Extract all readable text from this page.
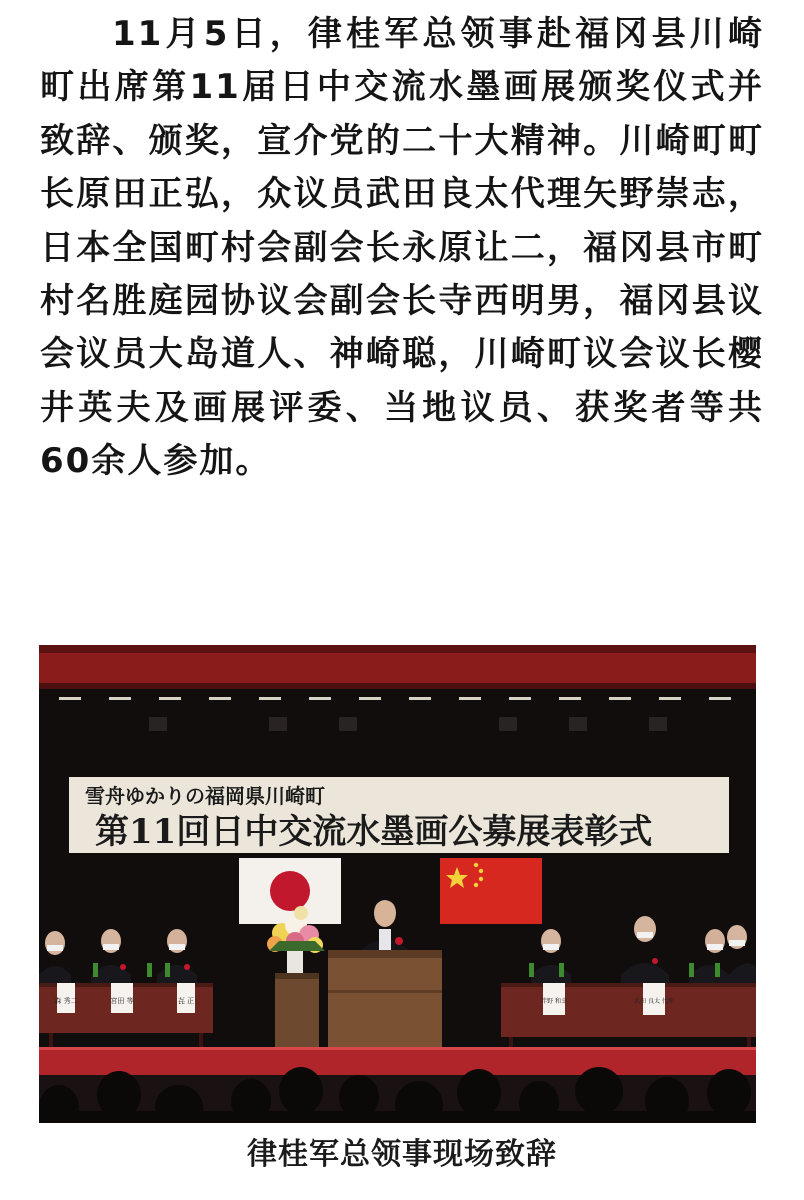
11月5日，律桂军总领事赴福冈县川崎町出席第11届日中交流水墨画展颁奖仪式并致辞、颁奖，宣介党的二十大精神。川崎町町长原田正弘，众议员武田良太代理矢野崇志，日本全国町村会副会长永原让二，福冈县市町村名胜庭园协议会副会长寺西明男，福冈县议会议员大岛道人、神崎聪，川崎町议会议长樱井英夫及画展评委、当地议员、获奖者等共60余人参加。

雪舟ゆかりの福岡県川崎町
第11回日中交流水墨画公募展表彰式
森 秀二	宮田 等	㐂 正	伴野 和幸	武田 良太 代理

律桂军总领事现场致辞
